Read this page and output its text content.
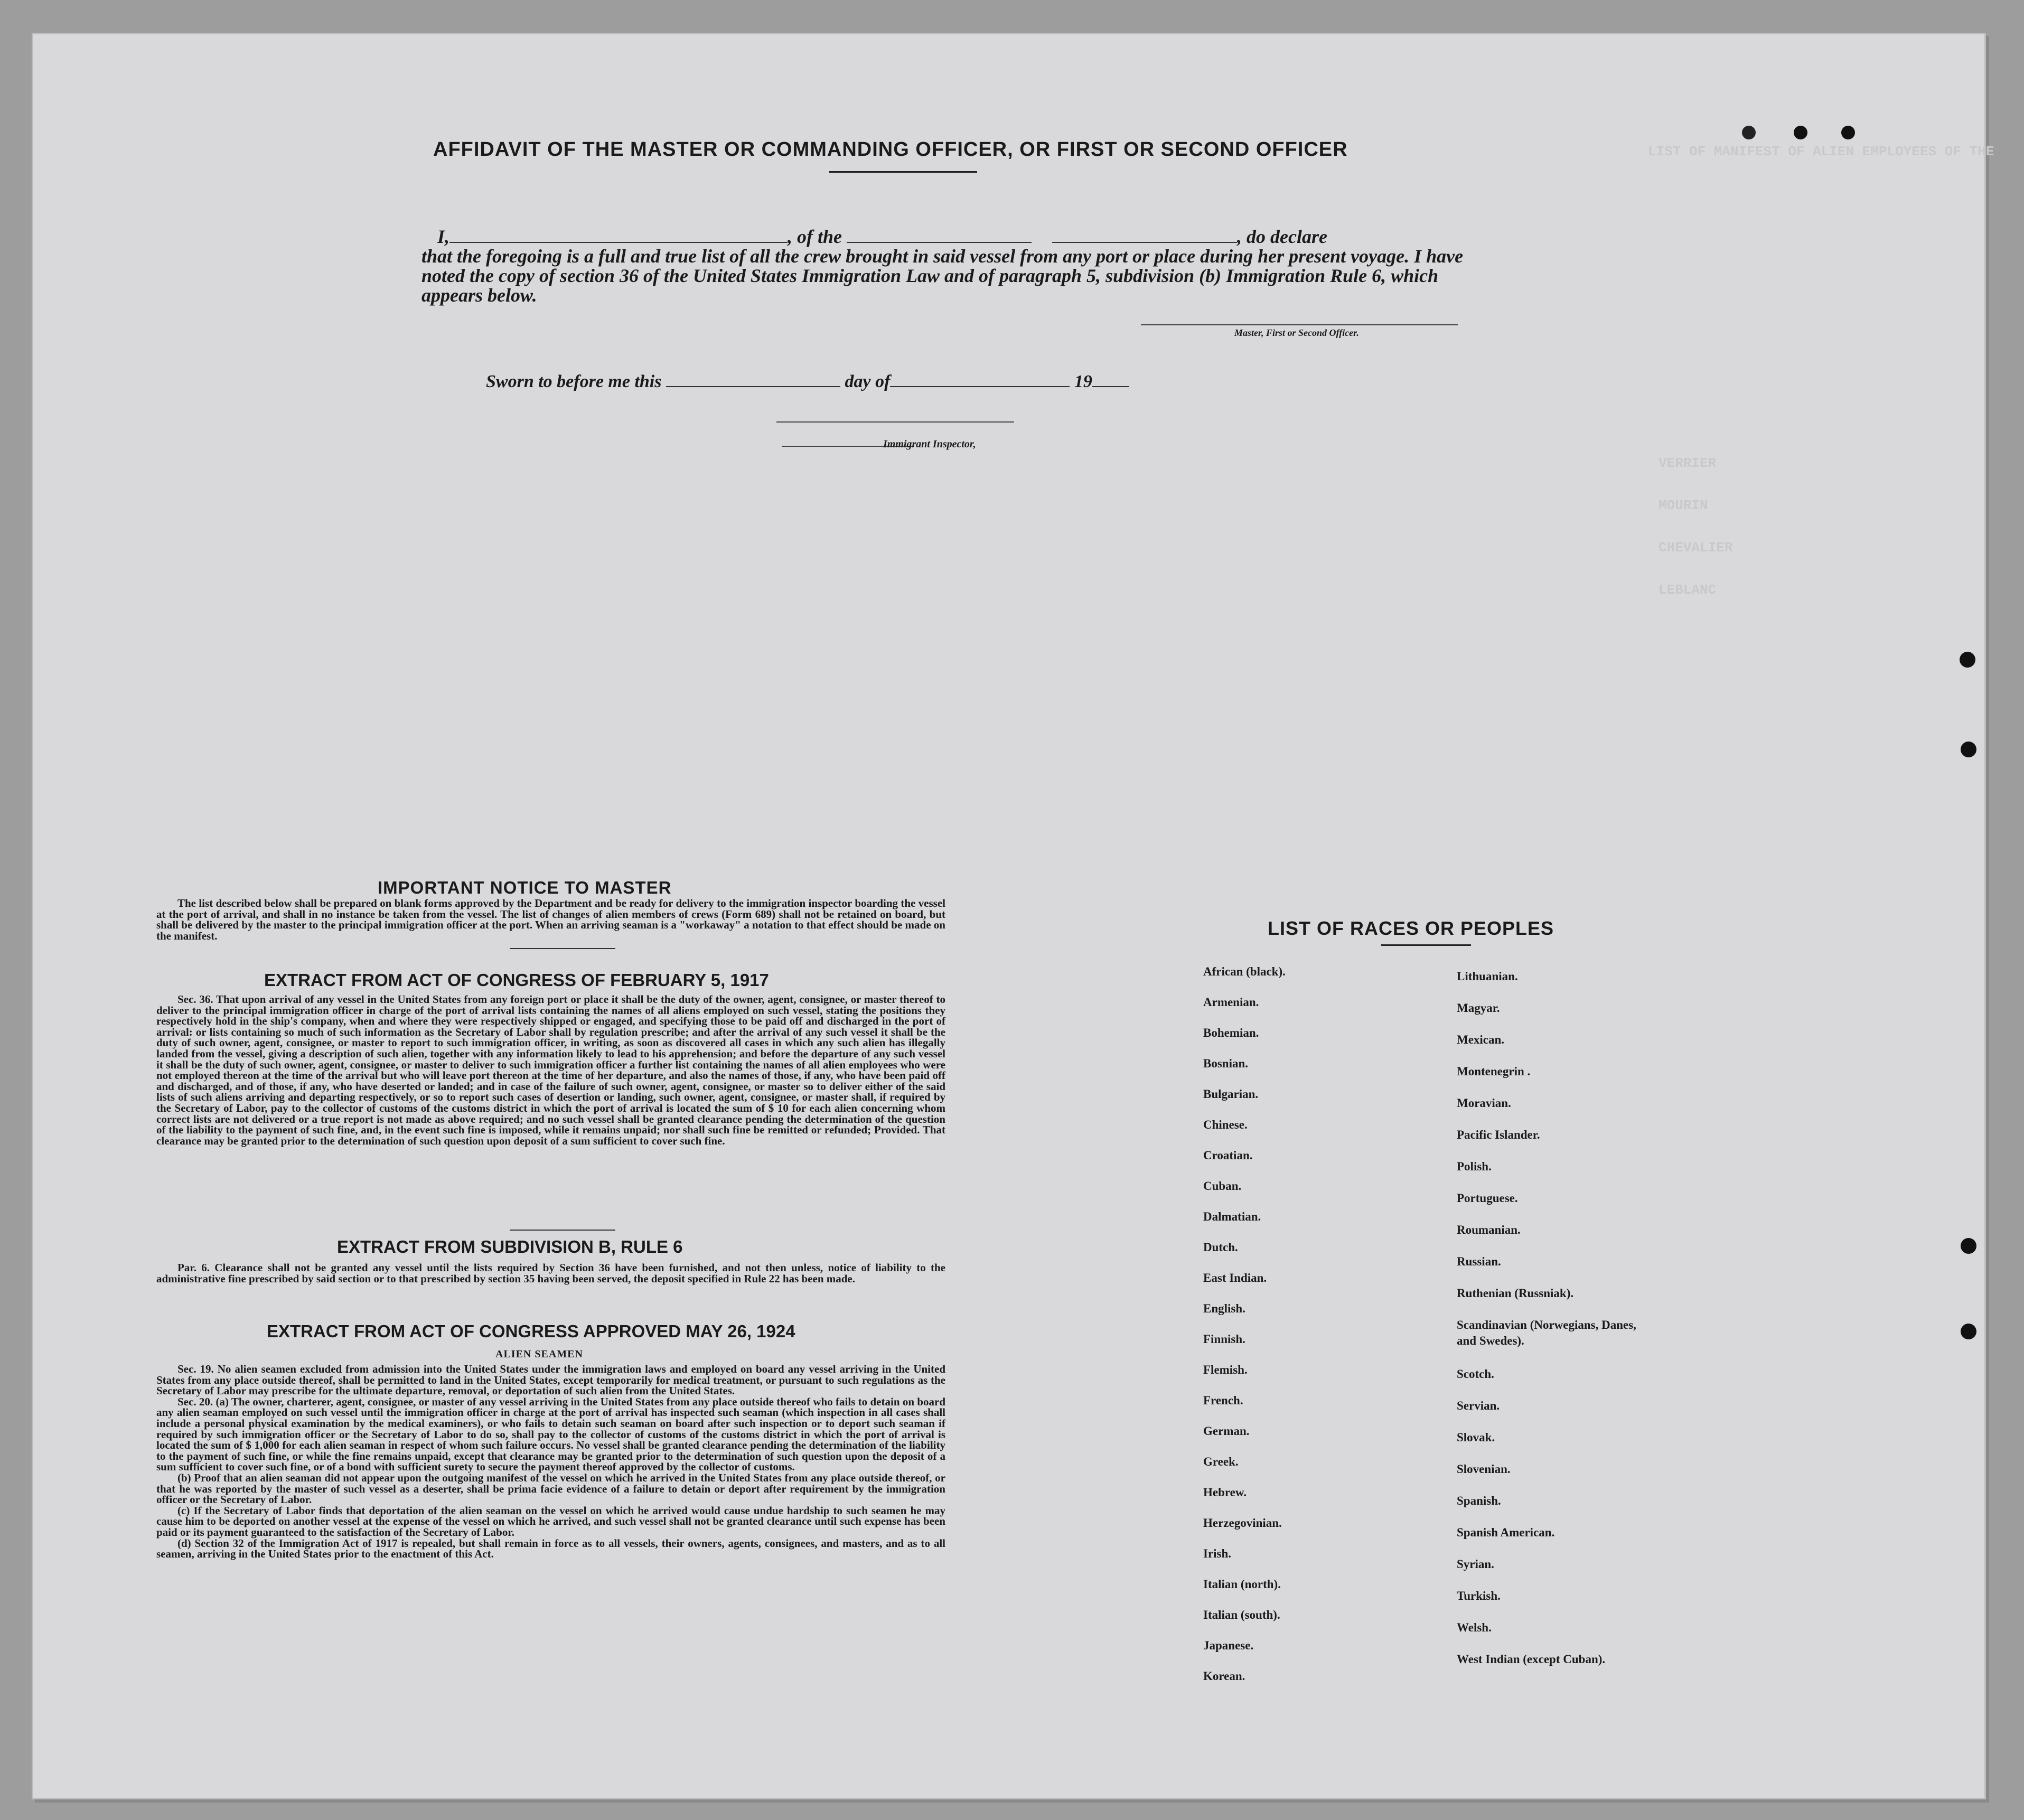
LIST OF MANIFEST OF ALIEN EMPLOYEES OF THE
VERRIER
MOURIN
CHEVALIER
LEBLANC
AFFIDAVIT OF THE MASTER OR COMMANDING OFFICER, OR FIRST OR SECOND OFFICER
I,	, of the	, do declare
that the foregoing is a full and true list of all the crew brought in said vessel from any port or place during her present voyage. I have noted the copy of section 36 of the United States Immigration Law and of paragraph 5, subdivision (b) Immigration Rule 6, which appears below.
Master, First or Second Officer.
Sworn to before me this	day of	19
Immigrant Inspector,
IMPORTANT NOTICE TO MASTER

The list described below shall be prepared on blank forms approved by the Department and be ready for delivery to the immigration inspector boarding the vessel at the port of arrival, and shall in no instance be taken from the vessel. The list of changes of alien members of crews (Form 689) shall not be retained on board, but shall be delivered by the master to the principal immigration officer at the port. When an arriving seaman is a "workaway" a notation to that effect should be made on the manifest.

EXTRACT FROM ACT OF CONGRESS OF FEBRUARY 5, 1917

Sec. 36. That upon arrival of any vessel in the United States from any foreign port or place it shall be the duty of the owner, agent, consignee, or master thereof to deliver to the principal immigration officer in charge of the port of arrival lists containing the names of all aliens employed on such vessel, stating the positions they respectively hold in the ship's company, when and where they were respectively shipped or engaged, and specifying those to be paid off and discharged in the port of arrival: or lists containing so much of such information as the Secretary of Labor shall by regulation prescribe; and after the arrival of any such vessel it shall be the duty of such owner, agent, consignee, or master to report to such immigration officer, in writing, as soon as discovered all cases in which any such alien has illegally landed from the vessel, giving a description of such alien, together with any information likely to lead to his apprehension; and before the departure of any such vessel it shall be the duty of such owner, agent, consignee, or master to deliver to such immigration officer a further list containing the names of all alien employees who were not employed thereon at the time of the arrival but who will leave port thereon at the time of her departure, and also the names of those, if any, who have been paid off and discharged, and of those, if any, who have deserted or landed; and in case of the failure of such owner, agent, consignee, or master so to deliver either of the said lists of such aliens arriving and departing respectively, or so to report such cases of desertion or landing, such owner, agent, consignee, or master shall, if required by the Secretary of Labor, pay to the collector of customs of the customs district in which the port of arrival is located the sum of $ 10 for each alien concerning whom correct lists are not delivered or a true report is not made as above required; and no such vessel shall be granted clearance pending the determination of the question of the liability to the payment of such fine, and, in the event such fine is imposed, while it remains unpaid; nor shall such fine be remitted or refunded; Provided. That clearance may be granted prior to the determination of such question upon deposit of a sum sufficient to cover such fine.

EXTRACT FROM SUBDIVISION B, RULE 6

Par. 6. Clearance shall not be granted any vessel until the lists required by Section 36 have been furnished, and not then unless, notice of liability to the administrative fine prescribed by said section or to that prescribed by section 35 having been served, the deposit specified in Rule 22 has been made.

EXTRACT FROM ACT OF CONGRESS APPROVED MAY 26, 1924
ALIEN SEAMEN

Sec. 19. No alien seamen excluded from admission into the United States under the immigration laws and employed on board any vessel arriving in the United States from any place outside thereof, shall be permitted to land in the United States, except temporarily for medical treatment, or pursuant to such regulations as the Secretary of Labor may prescribe for the ultimate departure, removal, or deportation of such alien from the United States.

Sec. 20. (a) The owner, charterer, agent, consignee, or master of any vessel arriving in the United States from any place outside thereof who fails to detain on board any alien seaman employed on such vessel until the immigration officer in charge at the port of arrival has inspected such seaman (which inspection in all cases shall include a personal physical examination by the medical examiners), or who fails to detain such seaman on board after such inspection or to deport such seaman if required by such immigration officer or the Secretary of Labor to do so, shall pay to the collector of customs of the customs district in which the port of arrival is located the sum of $ 1,000 for each alien seaman in respect of whom such failure occurs. No vessel shall be granted clearance pending the determination of the liability to the payment of such fine, or while the fine remains unpaid, except that clearance may be granted prior to the determination of such question upon the deposit of a sum sufficient to cover such fine, or of a bond with sufficient surety to secure the payment thereof approved by the collector of customs.

(b) Proof that an alien seaman did not appear upon the outgoing manifest of the vessel on which he arrived in the United States from any place outside thereof, or that he was reported by the master of such vessel as a deserter, shall be prima facie evidence of a failure to detain or deport after requirement by the immigration officer or the Secretary of Labor.

(c) If the Secretary of Labor finds that deportation of the alien seaman on the vessel on which he arrived would cause undue hardship to such seamen he may cause him to be deported on another vessel at the expense of the vessel on which he arrived, and such vessel shall not be granted clearance until such expense has been paid or its payment guaranteed to the satisfaction of the Secretary of Labor.

(d) Section 32 of the Immigration Act of 1917 is repealed, but shall remain in force as to all vessels, their owners, agents, consignees, and masters, and as to all seamen, arriving in the United States prior to the enactment of this Act.

LIST OF RACES OR PEOPLES
African (black).
Armenian.
Bohemian.
Bosnian.
Bulgarian.
Chinese.
Croatian.
Cuban.
Dalmatian.
Dutch.
East Indian.
English.
Finnish.
Flemish.
French.
German.
Greek.
Hebrew.
Herzegovinian.
Irish.
Italian (north).
Italian (south).
Japanese.
Korean.
Lithuanian.
Magyar.
Mexican.
Montenegrin .
Moravian.
Pacific Islander.
Polish.
Portuguese.
Roumanian.
Russian.
Ruthenian (Russniak).
Scandinavian (Norwegians, Danes, and Swedes).
Scotch.
Servian.
Slovak.
Slovenian.
Spanish.
Spanish American.
Syrian.
Turkish.
Welsh.
West Indian (except Cuban).
